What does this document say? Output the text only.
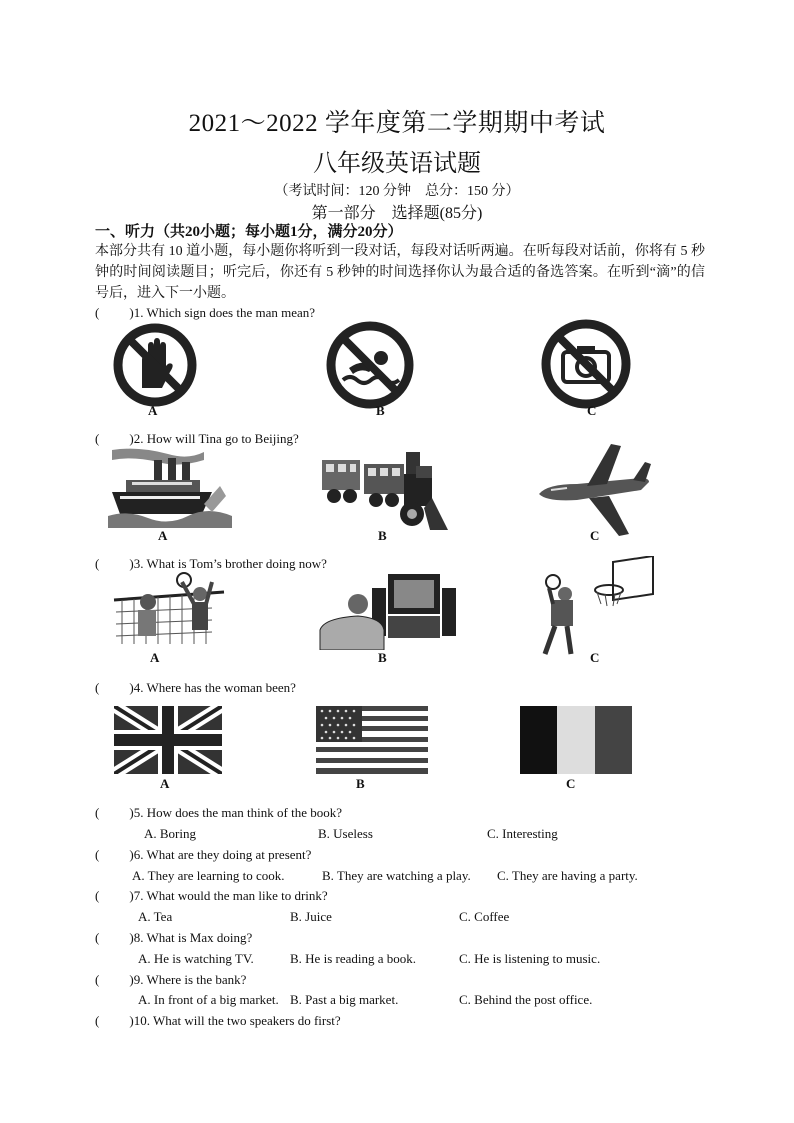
2021～2022 学年度第二学期期中考试
八年级英语试题
（考试时间：120 分钟　总分：150 分）
第一部分　选择题(85分)
一、听力（共20小题；每小题1分，满分20分）
本部分共有 10 道小题，每小题你将听到一段对话，每段对话听两遍。在听每段对话前，你将有 5 秒钟的时间阅读题目；听完后，你还有 5 秒钟的时间选择你认为最合适的备选答案。在听到“滴”的信号后，进入下一小题。
( )1. Which sign does the man mean?
A	B	C
( )2. How will Tina go to Beijing?
A	B	C
( )3. What is Tom’s brother doing now?
A	B	C
( )4. Where has the woman been?
A	B	C
( )5. How does the man think of the book?
A. Boring	B. Useless	C. Interesting
( )6. What are they doing at present?
A. They are learning to cook.	B. They are watching a play. C. They are having a party.
( )7. What would the man like to drink?
A. Tea	B. Juice	C. Coffee
( )8. What is Max doing?
A. He is watching TV.	B. He is reading a book.	C. He is listening to music.
( )9. Where is the bank?
A. In front of a big market. B. Past a big market.	C. Behind the post office.
( )10. What will the two speakers do first?
